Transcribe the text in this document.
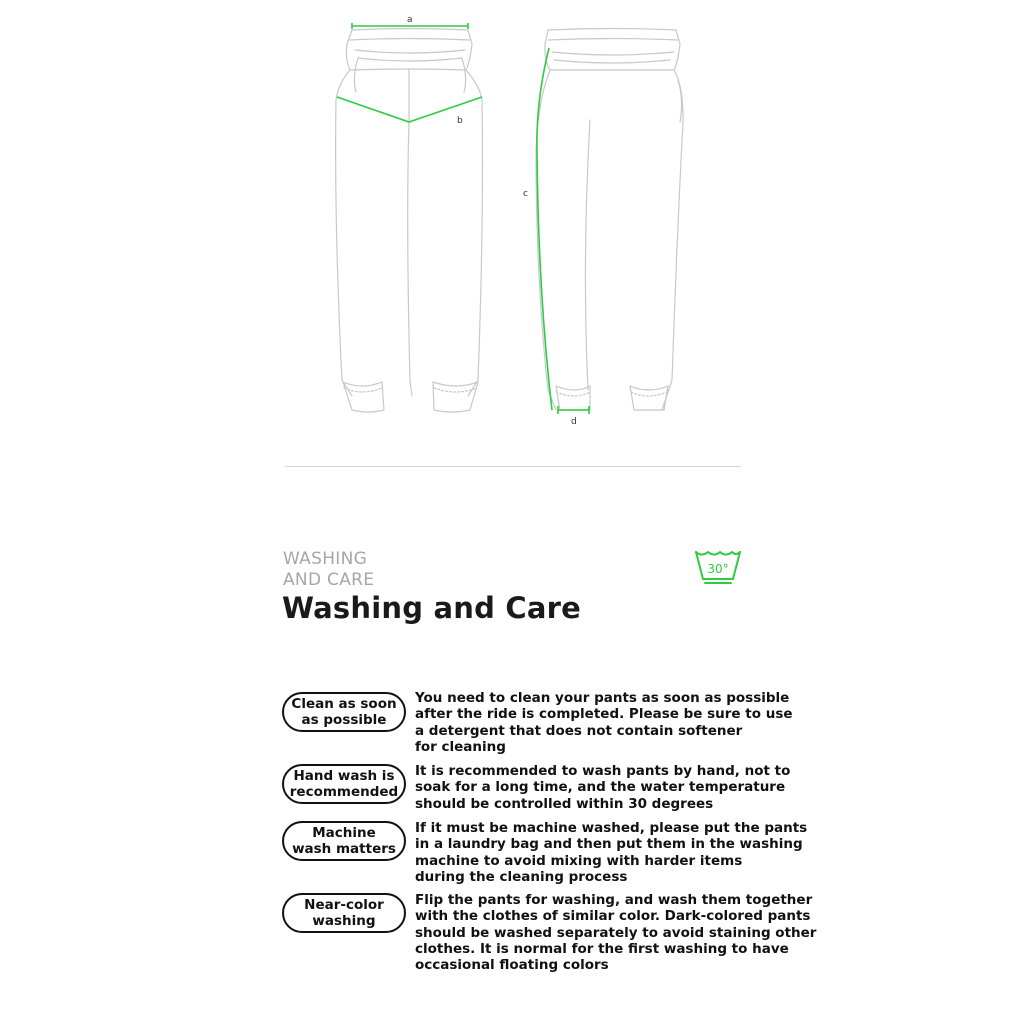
a
b
c
d
WASHING
AND CARE
Washing and Care
30°
Clean as soon
as possible
You need to clean your pants as soon as possible
after the ride is completed. Please be sure to use
a detergent that does not contain softener
for cleaning
Hand wash is
recommended
It is recommended to wash pants by hand, not to
soak for a long time, and the water temperature
should be controlled within 30 degrees
Machine
wash matters
If it must be machine washed, please put the pants
in a laundry bag and then put them in the washing
machine to avoid mixing with harder items
during the cleaning process
Near-color
washing
Flip the pants for washing, and wash them together
with the clothes of similar color. Dark-colored pants
should be washed separately to avoid staining other
clothes. It is normal for the first washing to have
occasional floating colors
